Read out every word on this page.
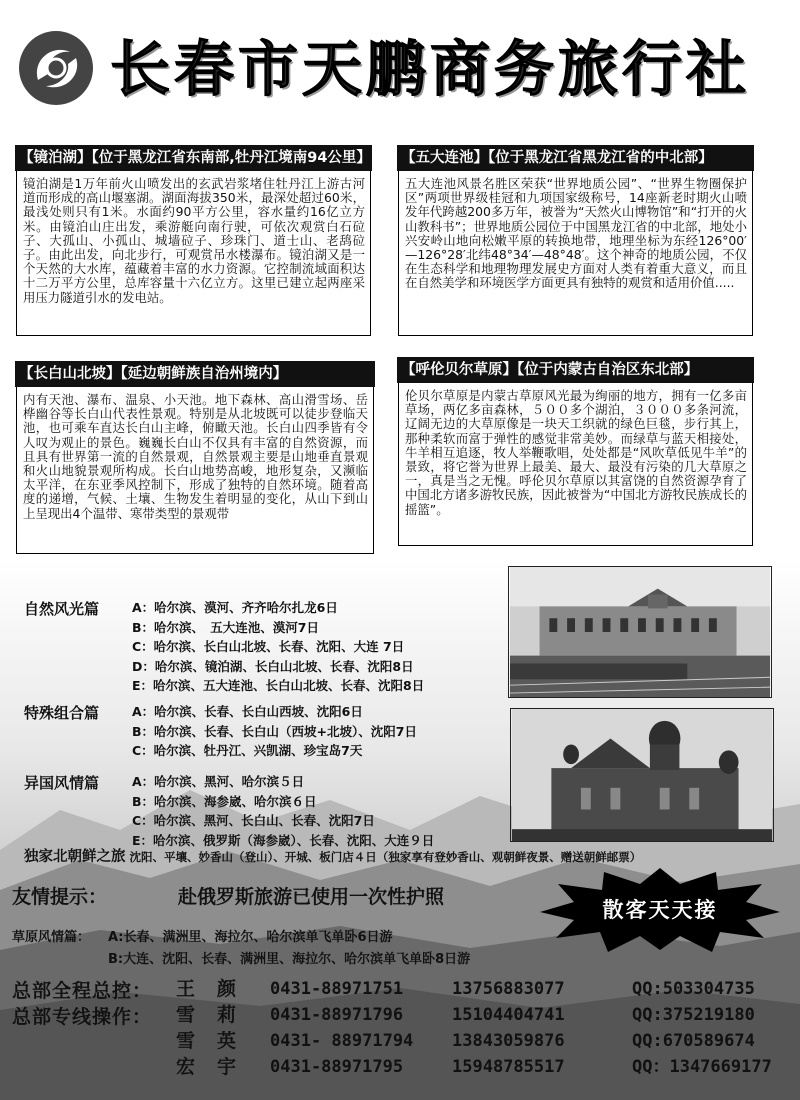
长春市天鹏商务旅行社
【镜泊湖】【位于黑龙江省东南部,牡丹江境南94公里】
镜泊湖是1万年前火山喷发出的玄武岩浆堵住牡丹江上游古河道而形成的高山堰塞湖。湖面海拔350米，最深处超过60米，最浅处则只有1米。水面约90平方公里，容水量约16亿立方米。由镜泊山庄出发，乘游艇向南行驶，可依次观赏白石砬子、大孤山、小孤山、城墙砬子、珍珠门、道士山、老鸹砬子。由此出发，向北步行，可观赏吊水楼瀑布。镜泊湖又是一个天然的大水库，蕴藏着丰富的水力资源。它控制流域面积达十二万平方公里，总库容量十六亿立方。这里已建立起两座采用压力隧道引水的发电站。
【五大连池】【位于黑龙江省黑龙江省的中北部】
五大连池风景名胜区荣获“世界地质公园”、“世界生物圈保护区”两项世界级桂冠和九项国家级称号，14座新老时期火山喷发年代跨越200多万年，被誉为“天然火山博物馆”和“打开的火山教科书”；世界地质公园位于中国黑龙江省的中北部，地处小兴安岭山地向松嫩平原的转换地带，地理坐标为东经126°00′—126°28′北纬48°34′—48°48′。这个神奇的地质公园，不仅在生态科学和地理物理发展史方面对人类有着重大意义，而且在自然美学和环境医学方面更具有独特的观赏和适用价值.....
【长白山北坡】【延边朝鲜族自治州境内】
内有天池、瀑布、温泉、小天池。地下森林、高山滑雪场、岳桦幽谷等长白山代表性景观。特别是从北坡既可以徒步登临天池，也可乘车直达长白山主峰，俯瞰天池。长白山四季皆有令人叹为观止的景色。巍巍长白山不仅具有丰富的自然资源，而且具有世界第一流的自然景观，自然景观主要是山地垂直景观和火山地貌景观所构成。长白山地势高峻，地形复杂，又濒临太平洋，在东亚季风控制下，形成了独特的自然环境。随着高度的递增，气候、土壤、生物发生着明显的变化，从山下到山上呈现出4个温带、寒带类型的景观带
【呼伦贝尔草原】【位于内蒙古自治区东北部】
伦贝尔草原是内蒙古草原风光最为绚丽的地方，拥有一亿多亩草场，两亿多亩森林，５００多个湖泊，３０００多条河流，辽阔无边的大草原像是一块天工织就的绿色巨毯，步行其上，那种柔软而富于弹性的感觉非常美妙。而绿草与蓝天相接处，牛羊相互追逐，牧人举鞭歌唱，处处都是“风吹草低见牛羊”的景致，将它誉为世界上最美、最大、最没有污染的几大草原之一，真是当之无愧。呼伦贝尔草原以其富饶的自然资源孕育了中国北方诸多游牧民族，因此被誉为“中国北方游牧民族成长的摇篮”。
自然风光篇	A：哈尔滨、漠河、齐齐哈尔扎龙6日
B：哈尔滨、　五大连池、漠河7日
C：哈尔滨、长白山北坡、长春、沈阳、大连 7日
D：哈尔滨、镜泊湖、长白山北坡、长春、沈阳8日
E：哈尔滨、五大连池、长白山北坡、长春、沈阳8日
特殊组合篇	A：哈尔滨、长春、长白山西坡、沈阳6日
B：哈尔滨、长春、长白山（西坡+北坡）、沈阳7日
C：哈尔滨、牡丹江、兴凯湖、珍宝岛7天
异国风情篇	A：哈尔滨、黑河、哈尔滨５日
B：哈尔滨、海参崴、哈尔滨６日
C：哈尔滨、黑河、长白山、长春、沈阳7日
E：哈尔滨、俄罗斯（海参崴）、长春、沈阳、大连９日
独家北朝鲜之旅 沈阳、平壤、妙香山（登山）、开城、板门店４日（独家享有登妙香山、观朝鲜夜景、赠送朝鲜邮票）
友情提示：	赴俄罗斯旅游已使用一次性护照
散客天天接
草原风情篇： A:长春、满洲里、海拉尔、哈尔滨单飞单卧6日游
B:大连、沈阳、长春、满洲里、海拉尔、哈尔滨单飞单卧8日游
总部全程总控：
总部专线操作：
王颜 0431-88971751	13756883077	QQ:503304735
雪莉 0431-88971796	15104404741	QQ:375219180
雪英 0431- 88971794 13843059876	QQ:670589674
宏宇 0431-88971795	15948785517	QQ：1347669177
